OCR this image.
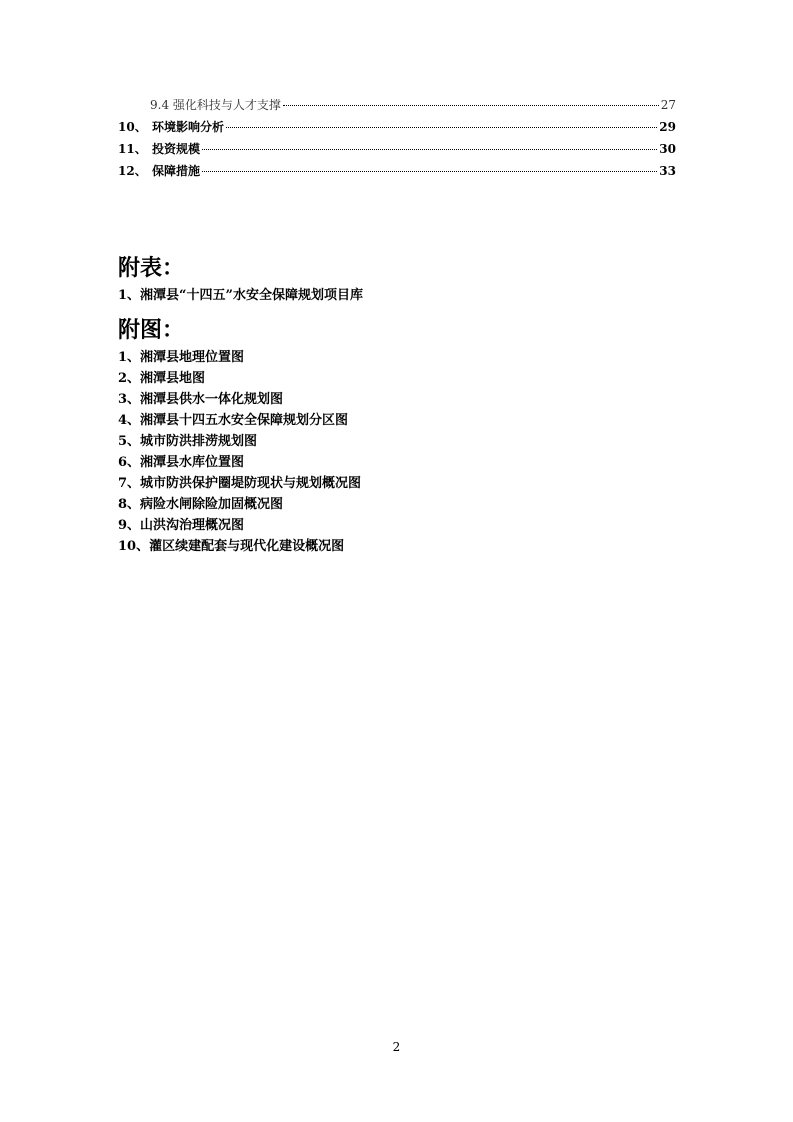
9.4 强化科技与人才支撑	27
10、 环境影响分析	29
11、 投资规模	30
12、 保障措施	33
附表：
1、湘潭县“十四五”水安全保障规划项目库
附图：
1、湘潭县地理位置图
2、湘潭县地图
3、湘潭县供水一体化规划图
4、湘潭县十四五水安全保障规划分区图
5、城市防洪排涝规划图
6、湘潭县水库位置图
7、城市防洪保护圈堤防现状与规划概况图
8、病险水闸除险加固概况图
9、山洪沟治理概况图
10、灌区续建配套与现代化建设概况图
2
